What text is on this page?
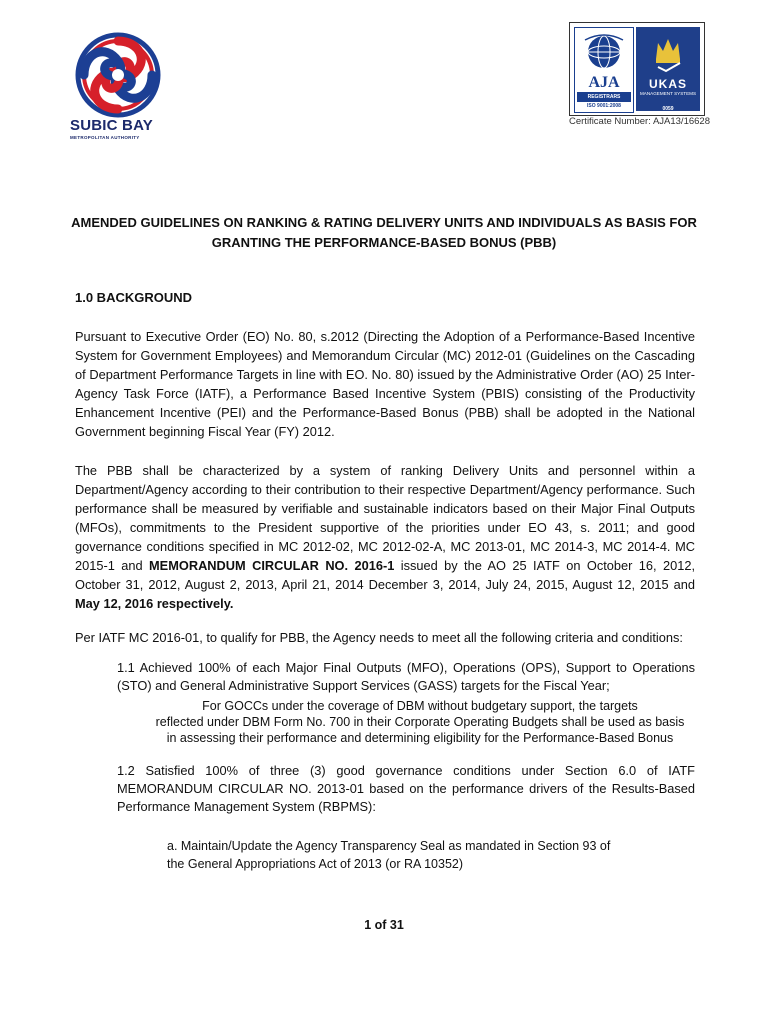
SUBIC BAY
METROPOLITAN AUTHORITY
AJA
REGISTRARS
ISO 9001:2008
UKAS
MANAGEMENT SYSTEMS
0059
Certificate Number: AJA13/16628
AMENDED GUIDELINES ON RANKING & RATING DELIVERY UNITS AND INDIVIDUALS AS BASIS FOR
GRANTING THE PERFORMANCE-BASED BONUS (PBB)
1.0 BACKGROUND

Pursuant to Executive Order (EO) No. 80, s.2012 (Directing the Adoption of a Performance-Based Incentive System for Government Employees) and Memorandum Circular (MC) 2012-01 (Guidelines on the Cascading of Department Performance Targets in line with EO. No. 80) issued by the Administrative Order (AO) 25 Inter-Agency Task Force (IATF), a Performance Based Incentive System (PBIS) consisting of the Productivity Enhancement Incentive (PEI) and the Performance-Based Bonus (PBB) shall be adopted in the National Government beginning Fiscal Year (FY) 2012.

The PBB shall be characterized by a system of ranking Delivery Units and personnel within a Department/Agency according to their contribution to their respective Department/Agency performance. Such performance shall be measured by verifiable and sustainable indicators based on their Major Final Outputs (MFOs), commitments to the President supportive of the priorities under EO 43, s. 2011; and good governance conditions specified in MC 2012-02, MC 2012-02-A, MC 2013-01, MC 2014-3, MC 2014-4. MC 2015-1 and MEMORANDUM CIRCULAR NO. 2016-1 issued by the AO 25 IATF on October 16, 2012, October 31, 2012, August 2, 2013, April 21, 2014 December 3, 2014, July 24, 2015, August 12, 2015 and May 12, 2016 respectively.

Per IATF MC 2016-01, to qualify for PBB, the Agency needs to meet all the following criteria and conditions:

1.1 Achieved 100% of each Major Final Outputs (MFO), Operations (OPS), Support to Operations (STO) and General Administrative Support Services (GASS) targets for the Fiscal Year;

For GOCCs under the coverage of DBM without budgetary support, the targets

reflected under DBM Form No. 700 in their Corporate Operating Budgets shall be used as basis

in assessing their performance and determining eligibility for the Performance-Based Bonus

1.2 Satisfied 100% of three (3) good governance conditions under Section 6.0 of IATF MEMORANDUM CIRCULAR NO. 2013-01 based on the performance drivers of the Results-Based Performance Management System (RBPMS):

a. Maintain/Update the Agency Transparency Seal as mandated in Section 93 of

the General Appropriations Act of 2013 (or RA 10352)

1 of 31
